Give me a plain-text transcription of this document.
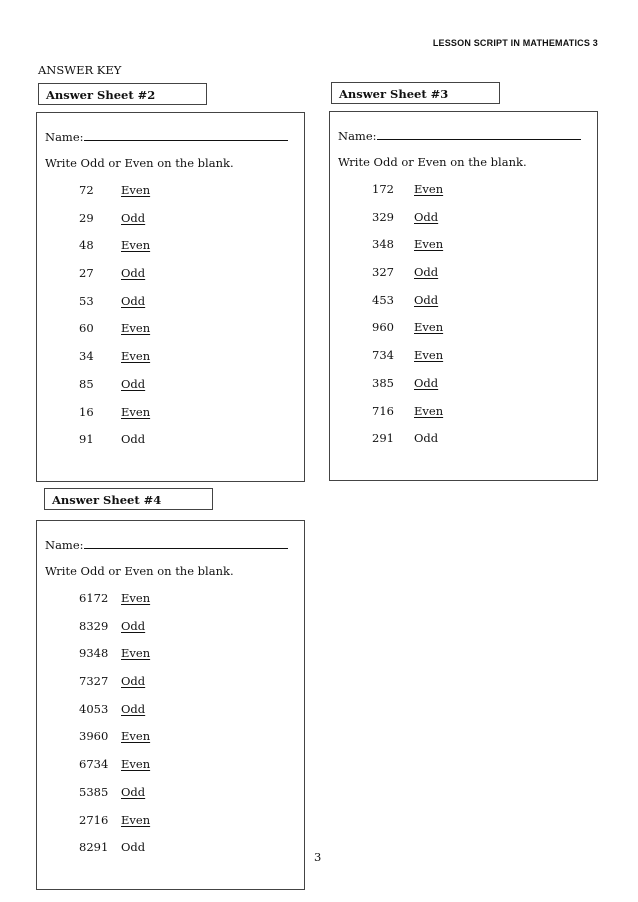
LESSON SCRIPT IN MATHEMATICS 3
ANSWER KEY
Answer Sheet #2
Name:
Write Odd or Even on the blank.
72 Even
29 Odd
48 Even
27 Odd
53 Odd
60 Even
34 Even
85 Odd
16 Even
91 Odd
Answer Sheet #3
Name:
Write Odd or Even on the blank.
172 Even
329 Odd
348 Even
327 Odd
453 Odd
960 Even
734 Even
385 Odd
716 Even
291 Odd
Answer Sheet #4
Name:
Write Odd or Even on the blank.
6172 Even
8329 Odd
9348 Even
7327 Odd
4053 Odd
3960 Even
6734 Even
5385 Odd
2716 Even
8291 Odd
3
